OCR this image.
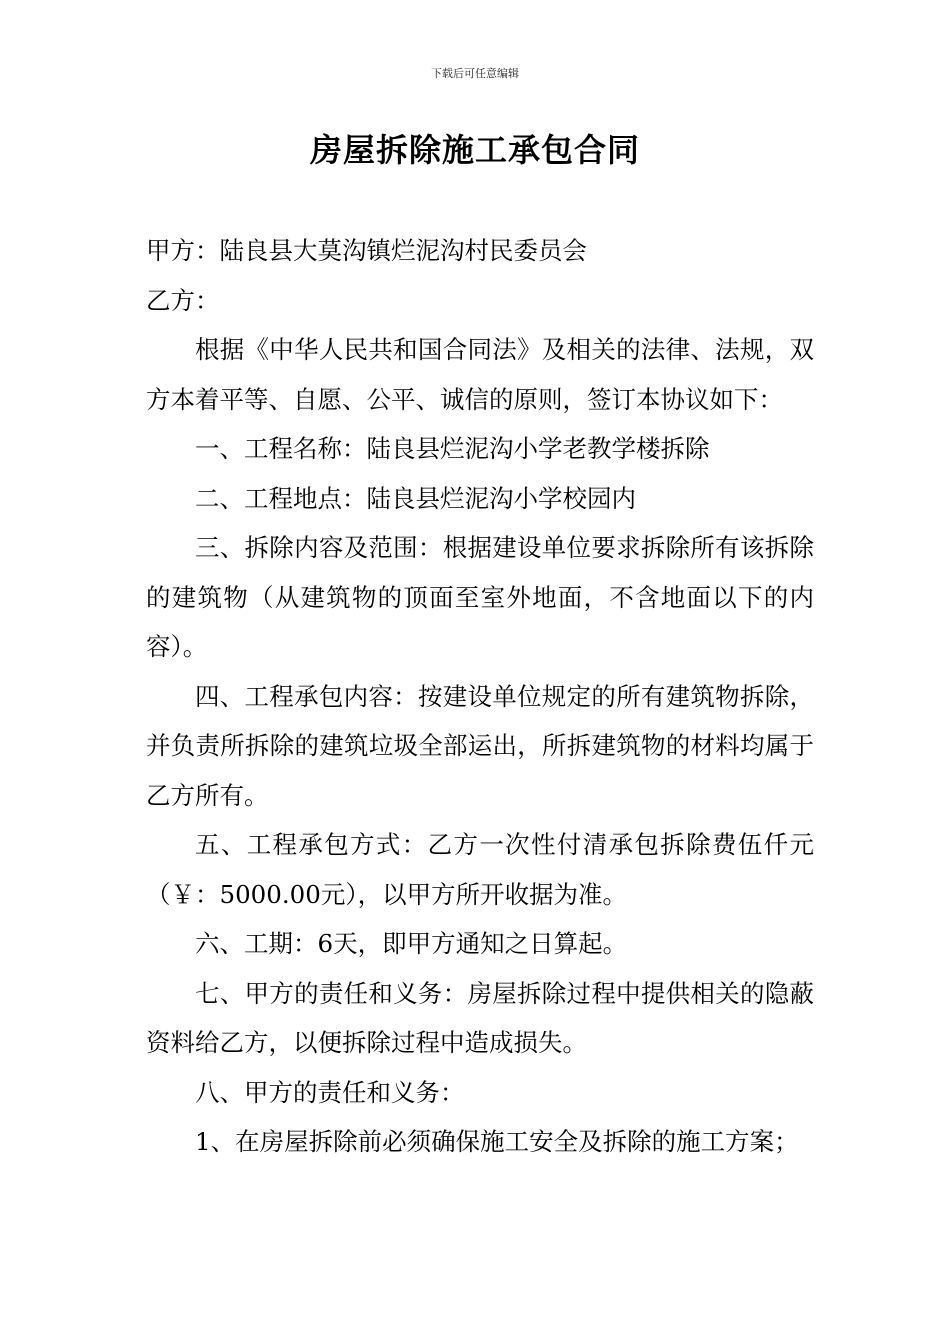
下载后可任意编辑
房屋拆除施工承包合同

甲方：陆良县大莫沟镇烂泥沟村民委员会

乙方：

根据《中华人民共和国合同法》及相关的法律、法规，双方本着平等、自愿、公平、诚信的原则，签订本协议如下：

一、工程名称：陆良县烂泥沟小学老教学楼拆除

二、工程地点：陆良县烂泥沟小学校园内

三、拆除内容及范围：根据建设单位要求拆除所有该拆除的建筑物（从建筑物的顶面至室外地面，不含地面以下的内容）。

四、工程承包内容：按建设单位规定的所有建筑物拆除，并负责所拆除的建筑垃圾全部运出，所拆建筑物的材料均属于乙方所有。

五、工程承包方式：乙方一次性付清承包拆除费伍仟元（￥：5000.00元），以甲方所开收据为准。

六、工期：6天，即甲方通知之日算起。

七、甲方的责任和义务：房屋拆除过程中提供相关的隐蔽资料给乙方，以便拆除过程中造成损失。

八、甲方的责任和义务：

1、在房屋拆除前必须确保施工安全及拆除的施工方案；
